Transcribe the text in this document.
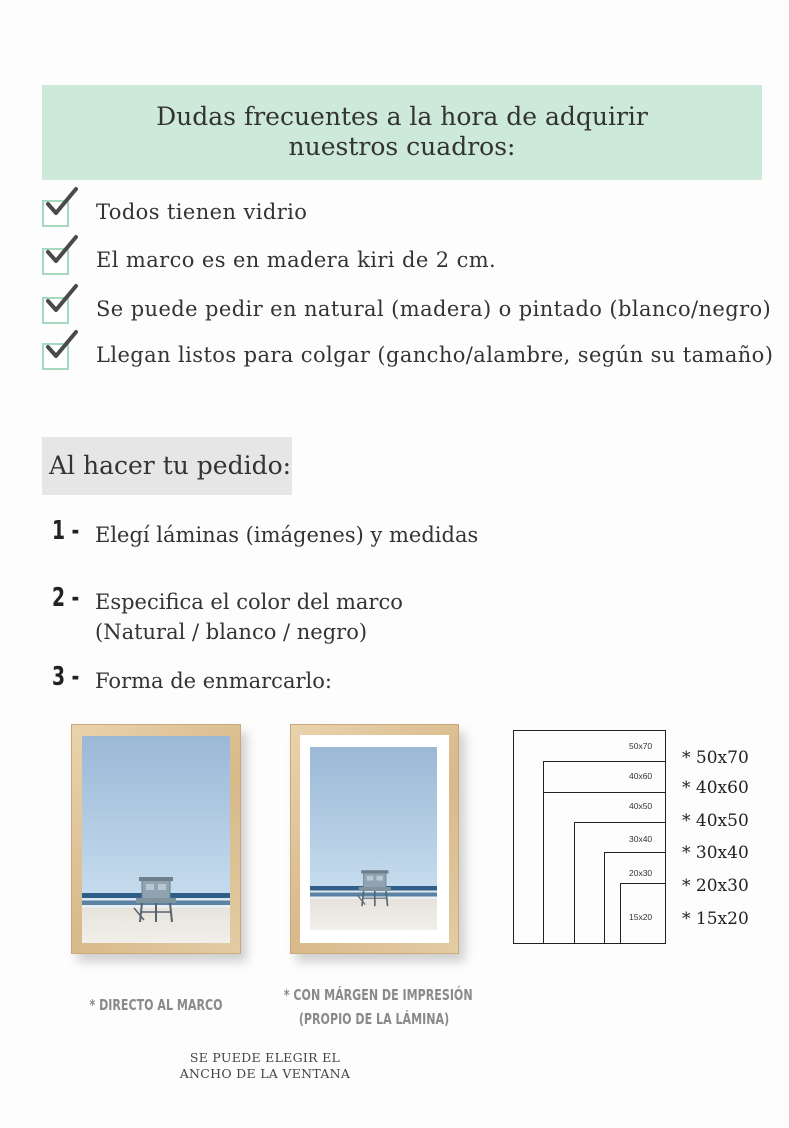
Dudas frecuentes a la hora de adquirir
nuestros cuadros:
Todos tienen vidrio
El marco es en madera kiri de 2 cm.
Se puede pedir en natural (madera) o pintado (blanco/negro)
Llegan listos para colgar (gancho/alambre, según su tamaño)
Al hacer tu pedido:
1 - Elegí láminas (imágenes) y medidas
2 - Especifica el color del marco
(Natural / blanco / negro)
3 - Forma de enmarcarlo:
* DIRECTO AL MARCO
* CON MÁRGEN DE IMPRESIÓN
(PROPIO DE LA LÁMINA)
SE PUEDE ELEGIR EL
ANCHO DE LA VENTANA
50x70
40x60
40x50
30x40
20x30
15x20
* 50x70
* 40x60
* 40x50
* 30x40
* 20x30
* 15x20
